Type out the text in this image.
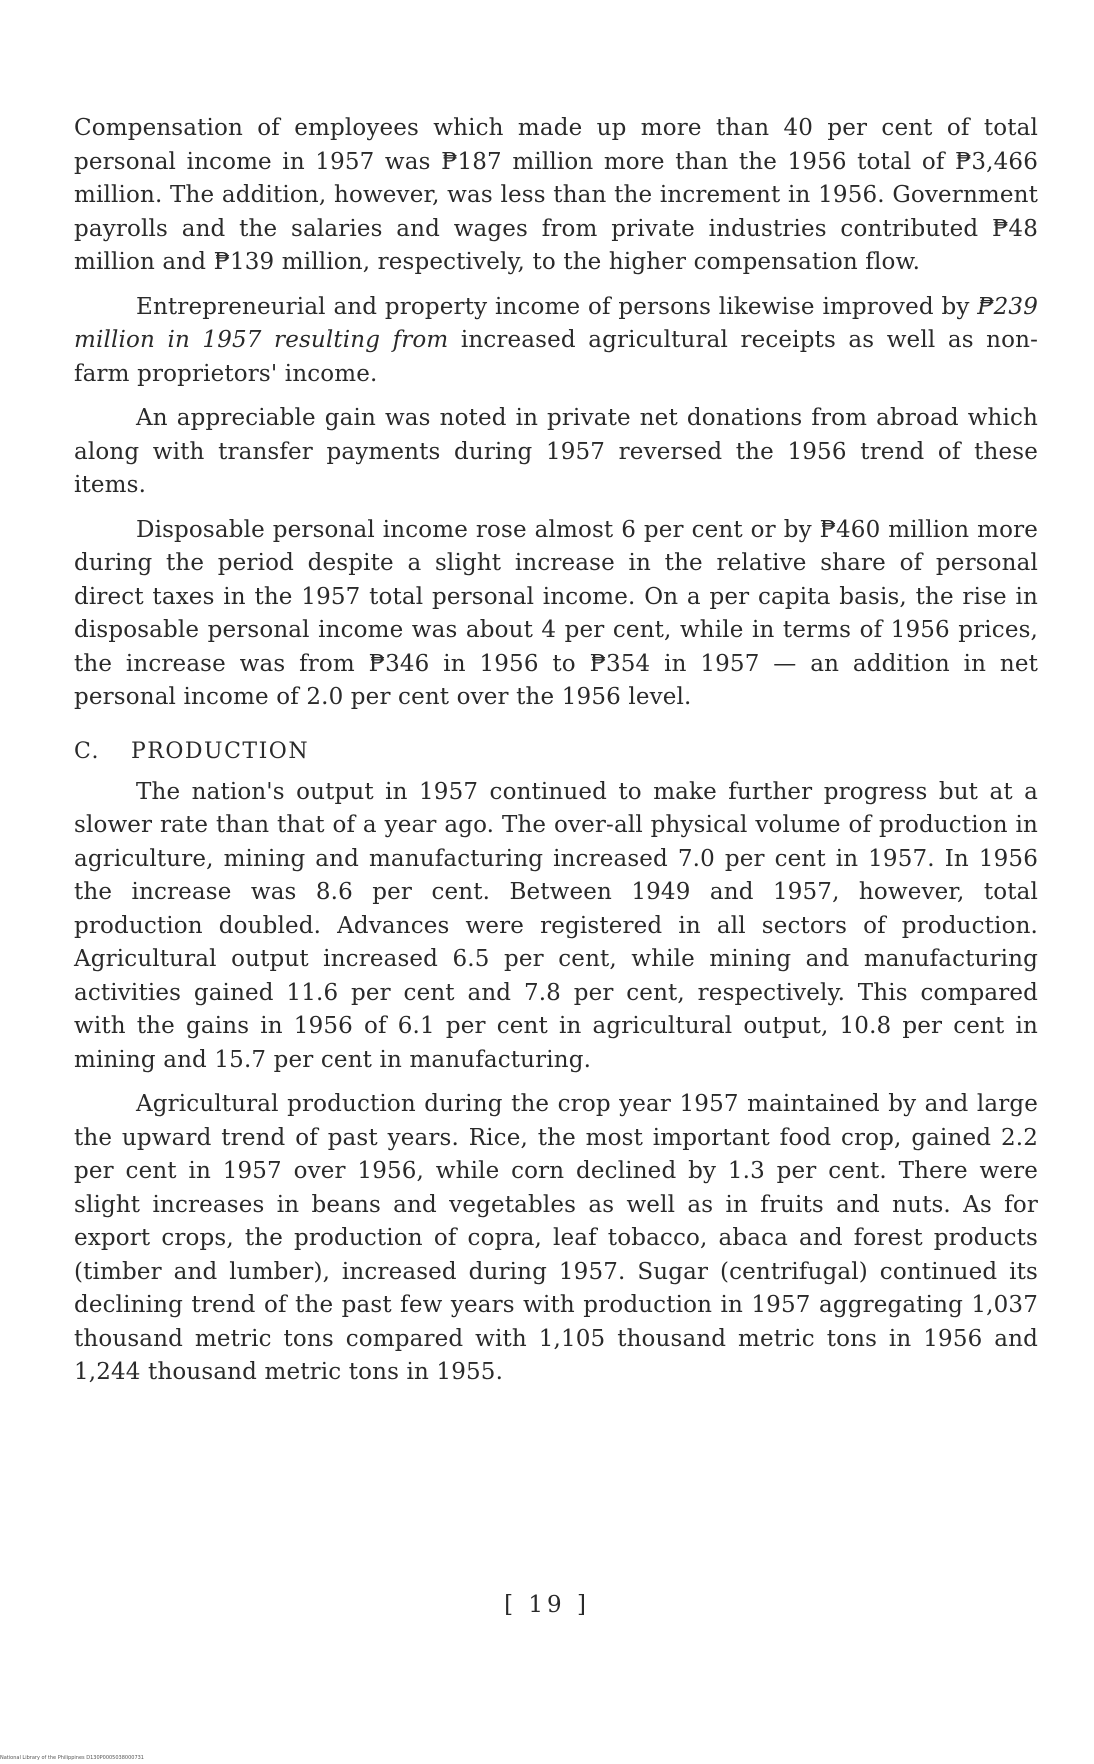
Compensation of employees which made up more than 40 per cent of total personal income in 1957 was ₱187 million more than the 1956 total of ₱3,466 million. The addition, however, was less than the increment in 1956. Government payrolls and the salaries and wages from private industries contributed ₱48 million and ₱139 million, respectively, to the higher compensation flow.

Entrepreneurial and property income of persons likewise improved by ₱239 million in 1957 resulting from increased agricultural receipts as well as non-farm proprietors' income.

An appreciable gain was noted in private net donations from abroad which along with transfer payments during 1957 reversed the 1956 trend of these items.

Disposable personal income rose almost 6 per cent or by ₱460 million more during the period despite a slight increase in the relative share of personal direct taxes in the 1957 total personal income. On a per capita basis, the rise in disposable personal income was about 4 per cent, while in terms of 1956 prices, the increase was from ₱346 in 1956 to ₱354 in 1957 — an addition in net personal income of 2.0 per cent over the 1956 level.

C. PRODUCTION

The nation's output in 1957 continued to make further progress but at a slower rate than that of a year ago. The over-all physical volume of production in agriculture, mining and manufacturing increased 7.0 per cent in 1957. In 1956 the increase was 8.6 per cent. Between 1949 and 1957, however, total production doubled. Advances were registered in all sectors of production. Agricultural output increased 6.5 per cent, while mining and manufacturing activities gained 11.6 per cent and 7.8 per cent, respectively. This compared with the gains in 1956 of 6.1 per cent in agricultural output, 10.8 per cent in mining and 15.7 per cent in manufacturing.

Agricultural production during the crop year 1957 maintained by and large the upward trend of past years. Rice, the most important food crop, gained 2.2 per cent in 1957 over 1956, while corn declined by 1.3 per cent. There were slight increases in beans and vegetables as well as in fruits and nuts. As for export crops, the production of copra, leaf tobacco, abaca and forest products (timber and lumber), increased during 1957. Sugar (centrifugal) continued its declining trend of the past few years with production in 1957 aggregating 1,037 thousand metric tons compared with 1,105 thousand metric tons in 1956 and 1,244 thousand metric tons in 1955.

[ 19 ]
National Library of the Philippines D130P0005038000731
